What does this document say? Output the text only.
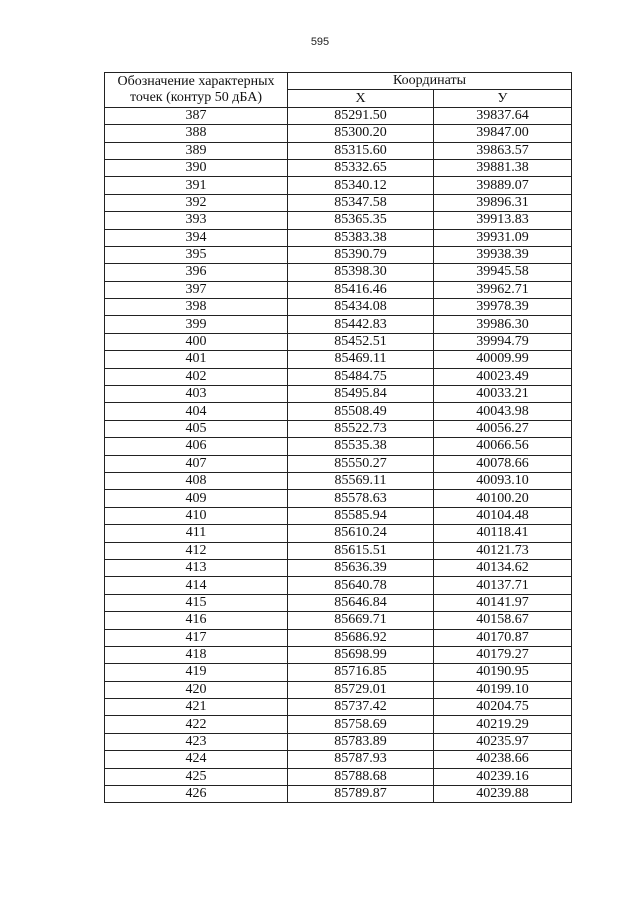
595
Обозначение характерных точек (контур 50 дБА)	Координаты	
	Х	У
387	85291.50	39837.64
388	85300.20	39847.00
389	85315.60	39863.57
390	85332.65	39881.38
391	85340.12	39889.07
392	85347.58	39896.31
393	85365.35	39913.83
394	85383.38	39931.09
395	85390.79	39938.39
396	85398.30	39945.58
397	85416.46	39962.71
398	85434.08	39978.39
399	85442.83	39986.30
400	85452.51	39994.79
401	85469.11	40009.99
402	85484.75	40023.49
403	85495.84	40033.21
404	85508.49	40043.98
405	85522.73	40056.27
406	85535.38	40066.56
407	85550.27	40078.66
408	85569.11	40093.10
409	85578.63	40100.20
410	85585.94	40104.48
411	85610.24	40118.41
412	85615.51	40121.73
413	85636.39	40134.62
414	85640.78	40137.71
415	85646.84	40141.97
416	85669.71	40158.67
417	85686.92	40170.87
418	85698.99	40179.27
419	85716.85	40190.95
420	85729.01	40199.10
421	85737.42	40204.75
422	85758.69	40219.29
423	85783.89	40235.97
424	85787.93	40238.66
425	85788.68	40239.16
426	85789.87	40239.88
